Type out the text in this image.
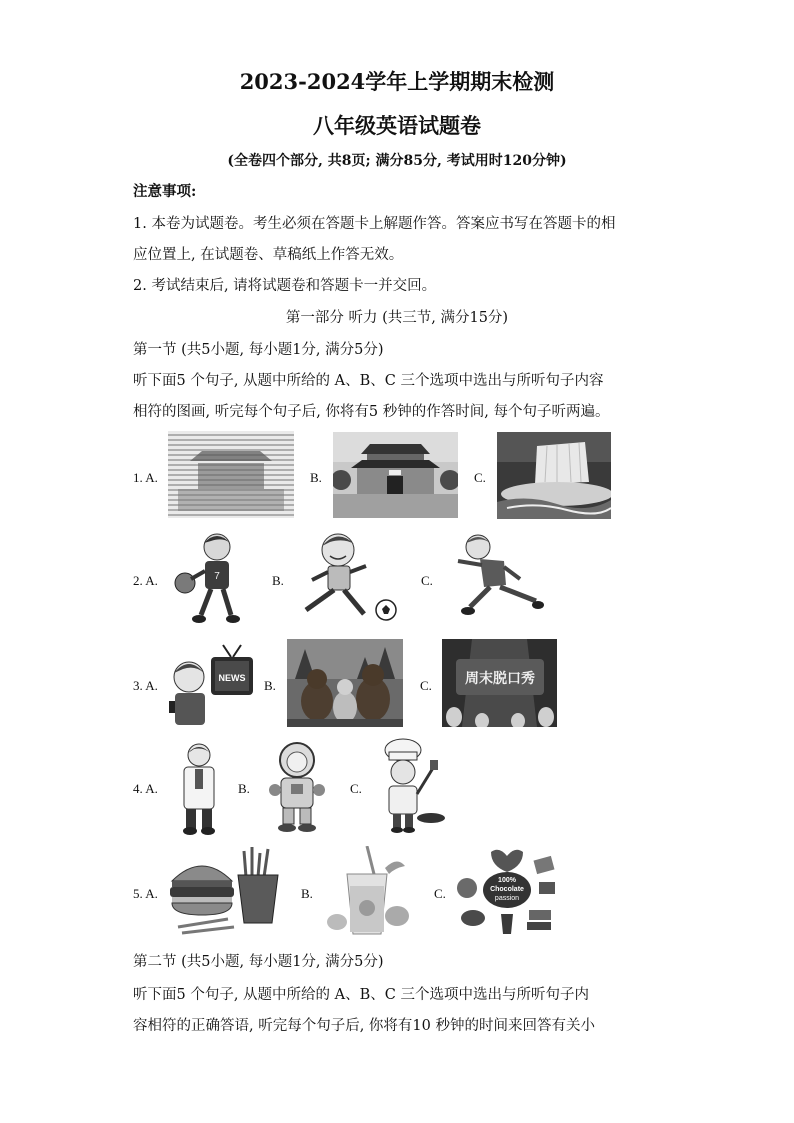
2023-2024学年上学期期末检测
八年级英语试题卷
(全卷四个部分, 共8页; 满分85分, 考试用时120分钟)
注意事项:
1. 本卷为试题卷。考生必须在答题卡上解题作答。答案应书写在答题卡的相
应位置上, 在试题卷、草稿纸上作答无效。
2. 考试结束后, 请将试题卷和答题卡一并交回。
第一部分 听力 (共三节, 满分15分)
第一节 (共5小题, 每小题1分, 满分5分)
听下面5 个句子, 从题中所给的 A、B、C 三个选项中选出与所听句子内容
相符的图画, 听完每个句子后, 你将有5 秒钟的作答时间, 每个句子听两遍。
1. A.	B.	C.
2. A.	7	B.	C.
3. A.	NEWS B.	C. 周末脱口秀
4. A.	B.	C.
5. A.	B.	C.
100%
Chocolate
passion
第二节 (共5小题, 每小题1分, 满分5分)
听下面5 个句子, 从题中所给的 A、B、C 三个选项中选出与所听句子内
容相符的正确答语, 听完每个句子后, 你将有10 秒钟的时间来回答有关小
